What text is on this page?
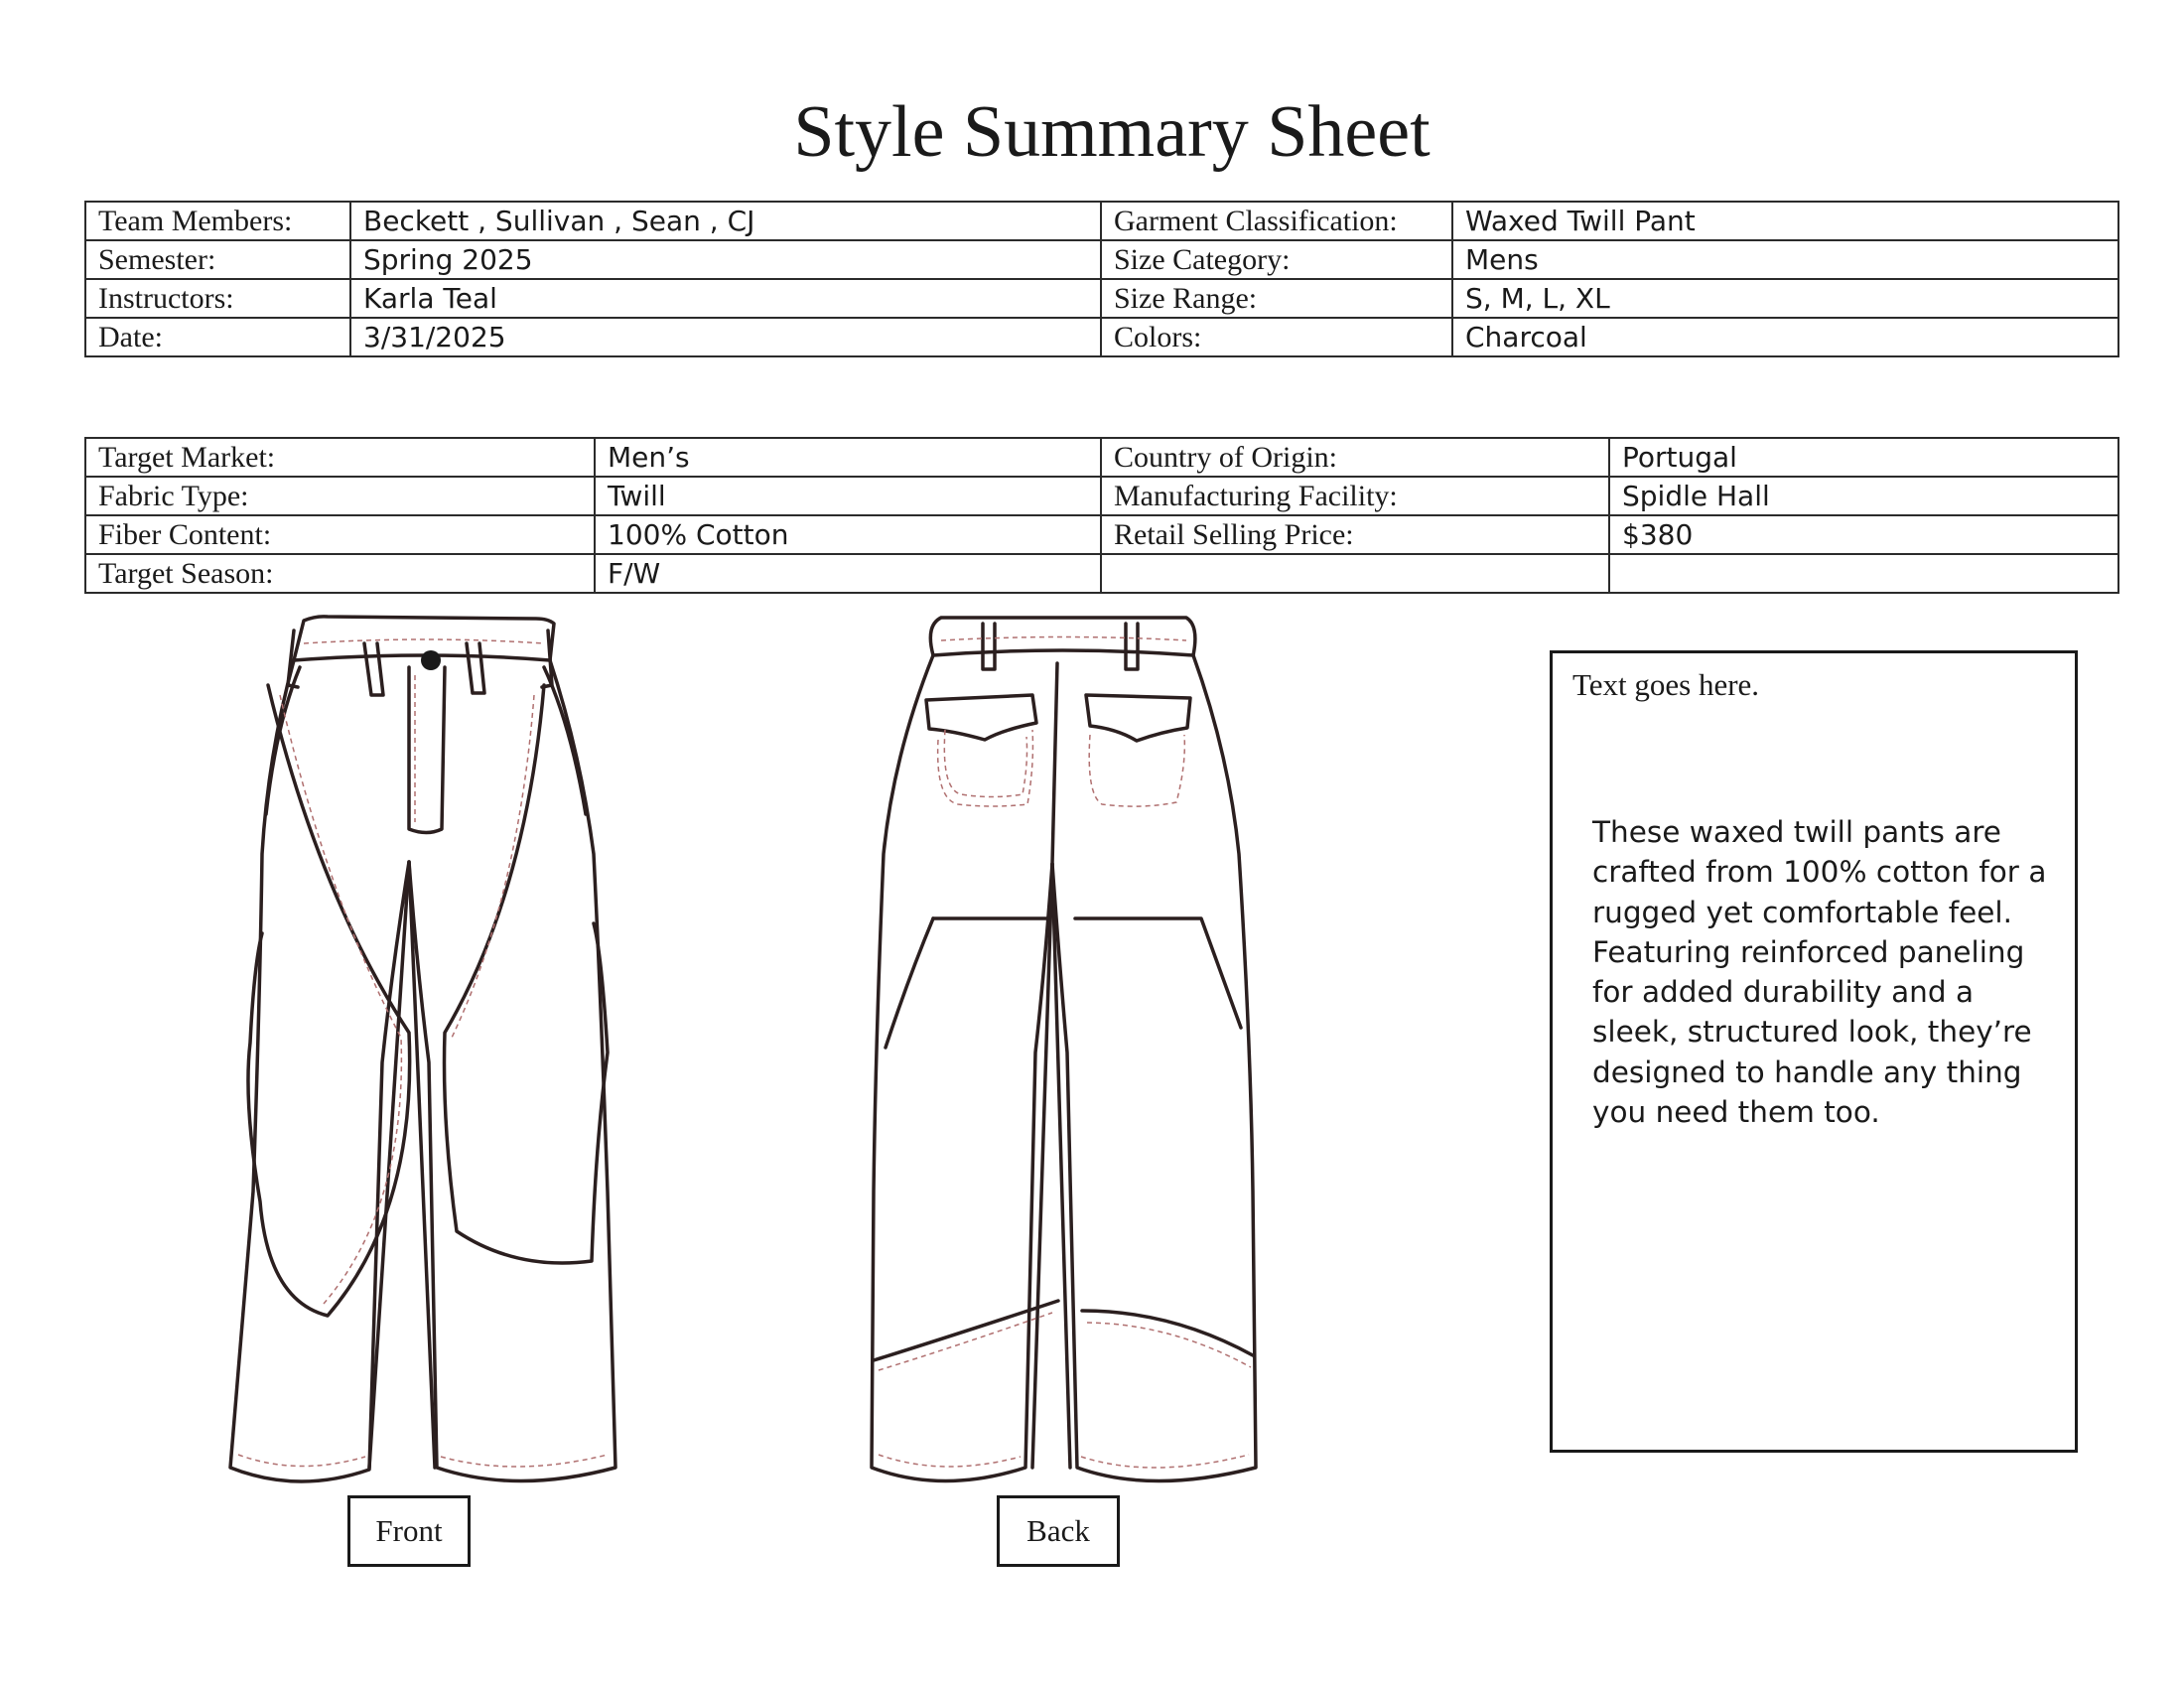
Style Summary Sheet
Team Members:	Beckett , Sullivan , Sean , CJ	Garment Classification:	Waxed Twill Pant
Semester:	Spring 2025	Size Category:	Mens
Instructors:	Karla Teal	Size Range:	S, M, L, XL
Date:	3/31/2025	Colors:	Charcoal
Target Market:	Men’s	Country of Origin:	Portugal
Fabric Type:	Twill	Manufacturing Facility:	Spidle Hall
Fiber Content:	100% Cotton	Retail Selling Price:	$380
Target Season:	F/W		
Front	Back
Text goes here.
These waxed twill pants are crafted from 100% cotton for a rugged yet comfortable feel. Featuring reinforced paneling for added durability and a sleek, structured look, they’re designed to handle any thing you need them too.
